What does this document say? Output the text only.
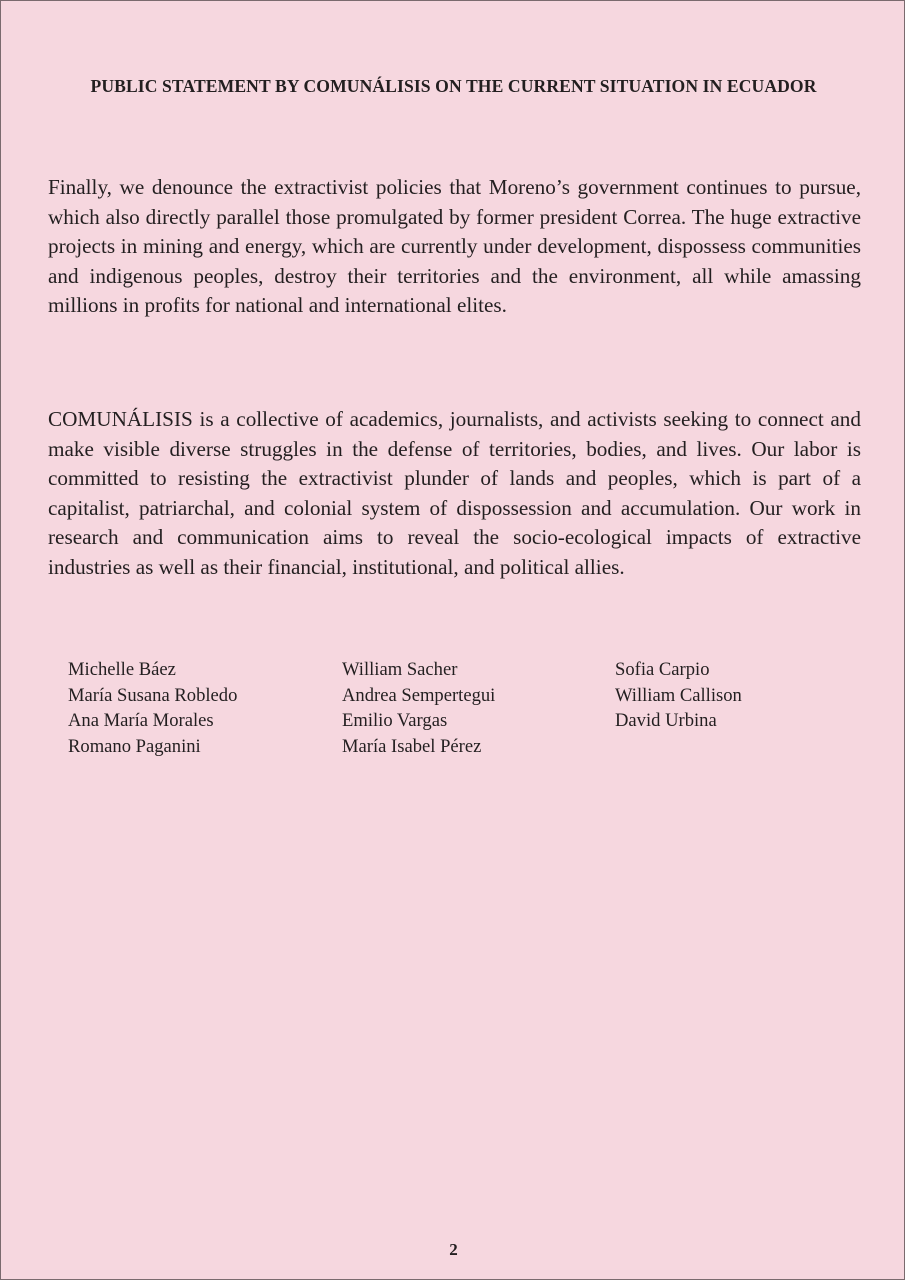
PUBLIC STATEMENT BY COMUNÁLISIS ON THE CURRENT SITUATION IN ECUADOR

Finally, we denounce the extractivist policies that Moreno’s government continues to pursue, which also directly parallel those promulgated by former president Correa. The huge extractive projects in mining and energy, which are currently under development, dispossess communities and indigenous peoples, destroy their territories and the environment, all while amassing millions in profits for national and international elites.

COMUNÁLISIS is a collective of academics, journalists, and activists seeking to connect and make visible diverse struggles in the defense of territories, bodies, and lives. Our labor is committed to resisting the extractivist plunder of lands and peoples, which is part of a capitalist, patriarchal, and colonial system of dispossession and accumulation. Our work in research and communication aims to reveal the socio-ecological impacts of extractive industries as well as their financial, institutional, and political allies.

Michelle Báez
María Susana Robledo
Ana María Morales
Romano Paganini
William Sacher
Andrea Sempertegui
Emilio Vargas
María Isabel Pérez
Sofia Carpio
William Callison
David Urbina
2
